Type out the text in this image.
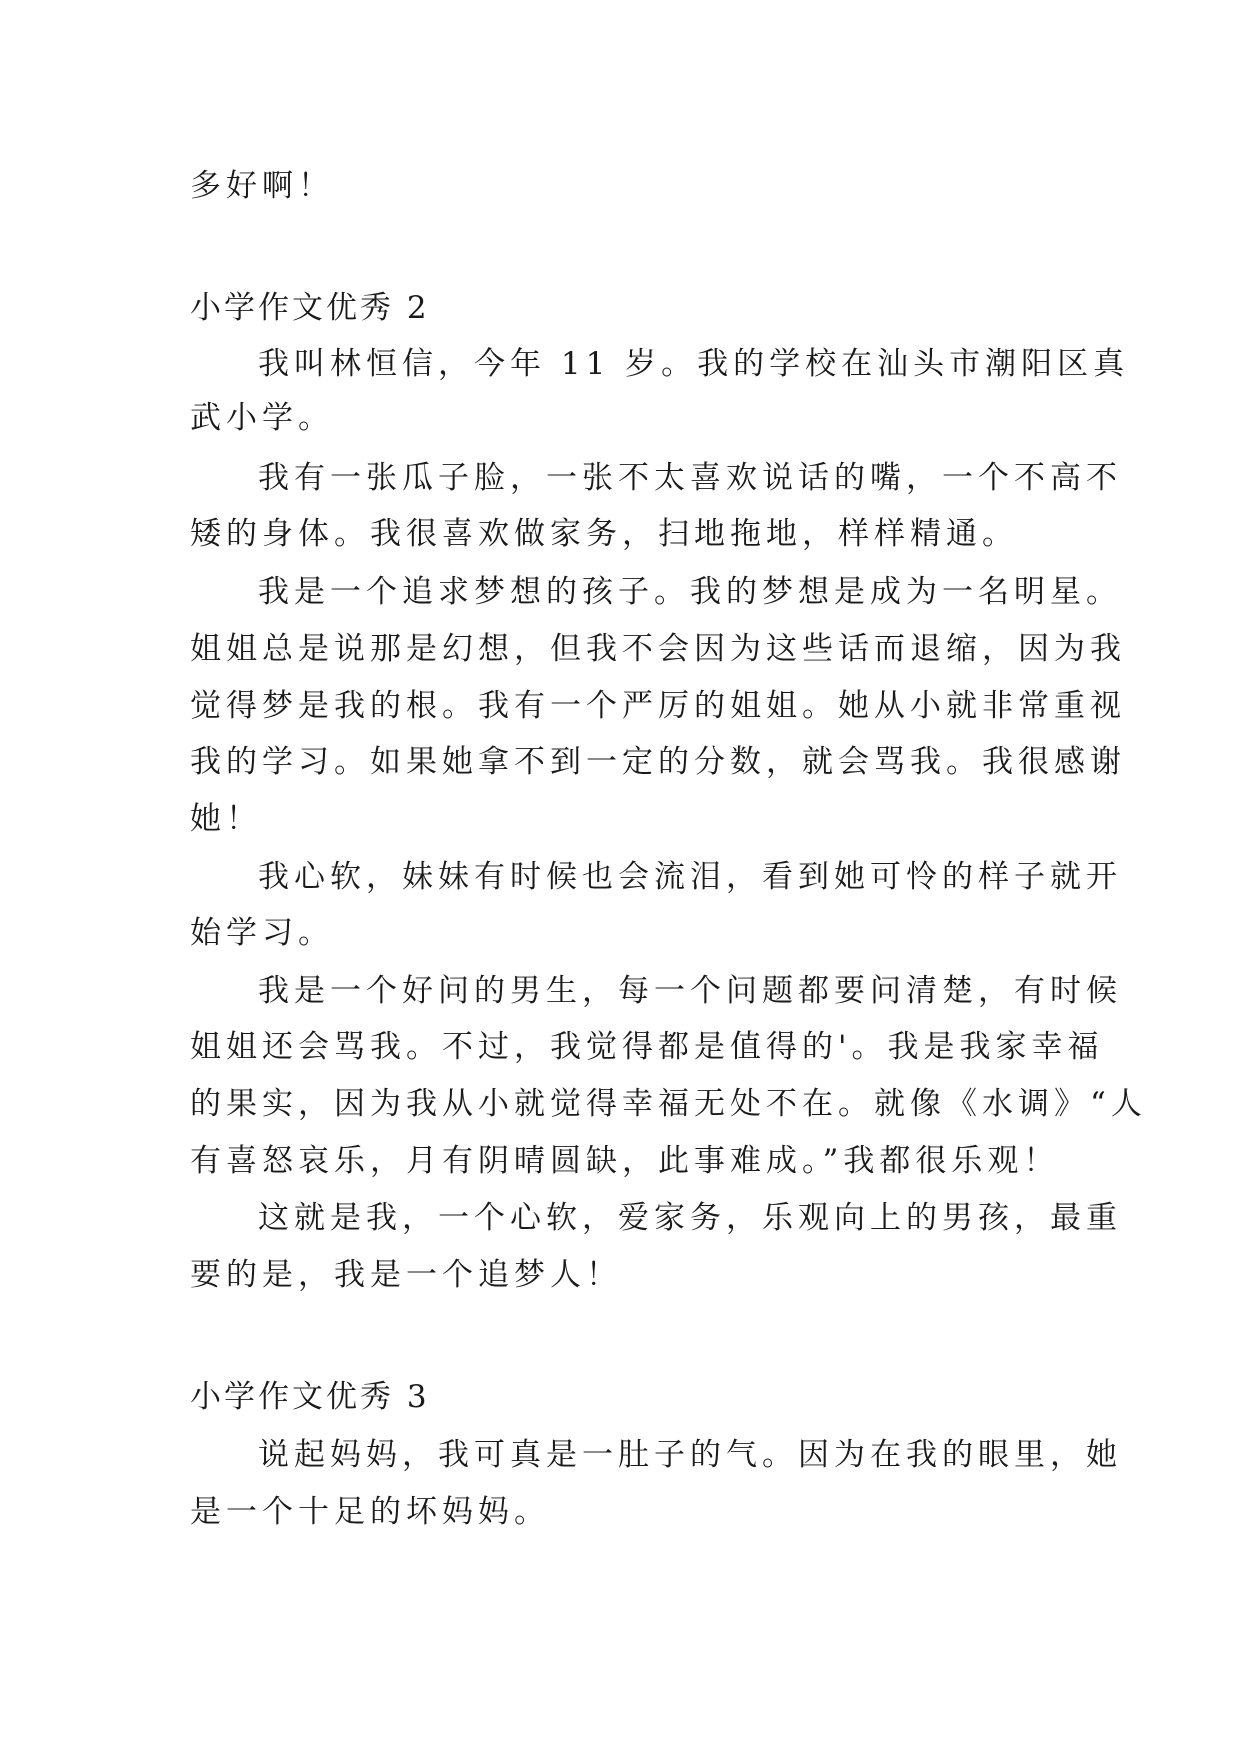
多好啊！
小学作文优秀 2
我叫林恒信，今年 11 岁。我的学校在汕头市潮阳区真
武小学。
我有一张瓜子脸，一张不太喜欢说话的嘴，一个不高不
矮的身体。我很喜欢做家务，扫地拖地，样样精通。
我是一个追求梦想的孩子。我的梦想是成为一名明星。
姐姐总是说那是幻想，但我不会因为这些话而退缩，因为我
觉得梦是我的根。我有一个严厉的姐姐。她从小就非常重视
我的学习。如果她拿不到一定的分数，就会骂我。我很感谢
她！
我心软，妹妹有时候也会流泪，看到她可怜的样子就开
始学习。
我是一个好问的男生，每一个问题都要问清楚，有时候
姐姐还会骂我。不过，我觉得都是值得的'。我是我家幸福
的果实，因为我从小就觉得幸福无处不在。就像《水调》“人
有喜怒哀乐，月有阴晴圆缺，此事难成。”我都很乐观！
这就是我，一个心软，爱家务，乐观向上的男孩，最重
要的是，我是一个追梦人！
小学作文优秀 3
说起妈妈，我可真是一肚子的气。因为在我的眼里，她
是一个十足的坏妈妈。
